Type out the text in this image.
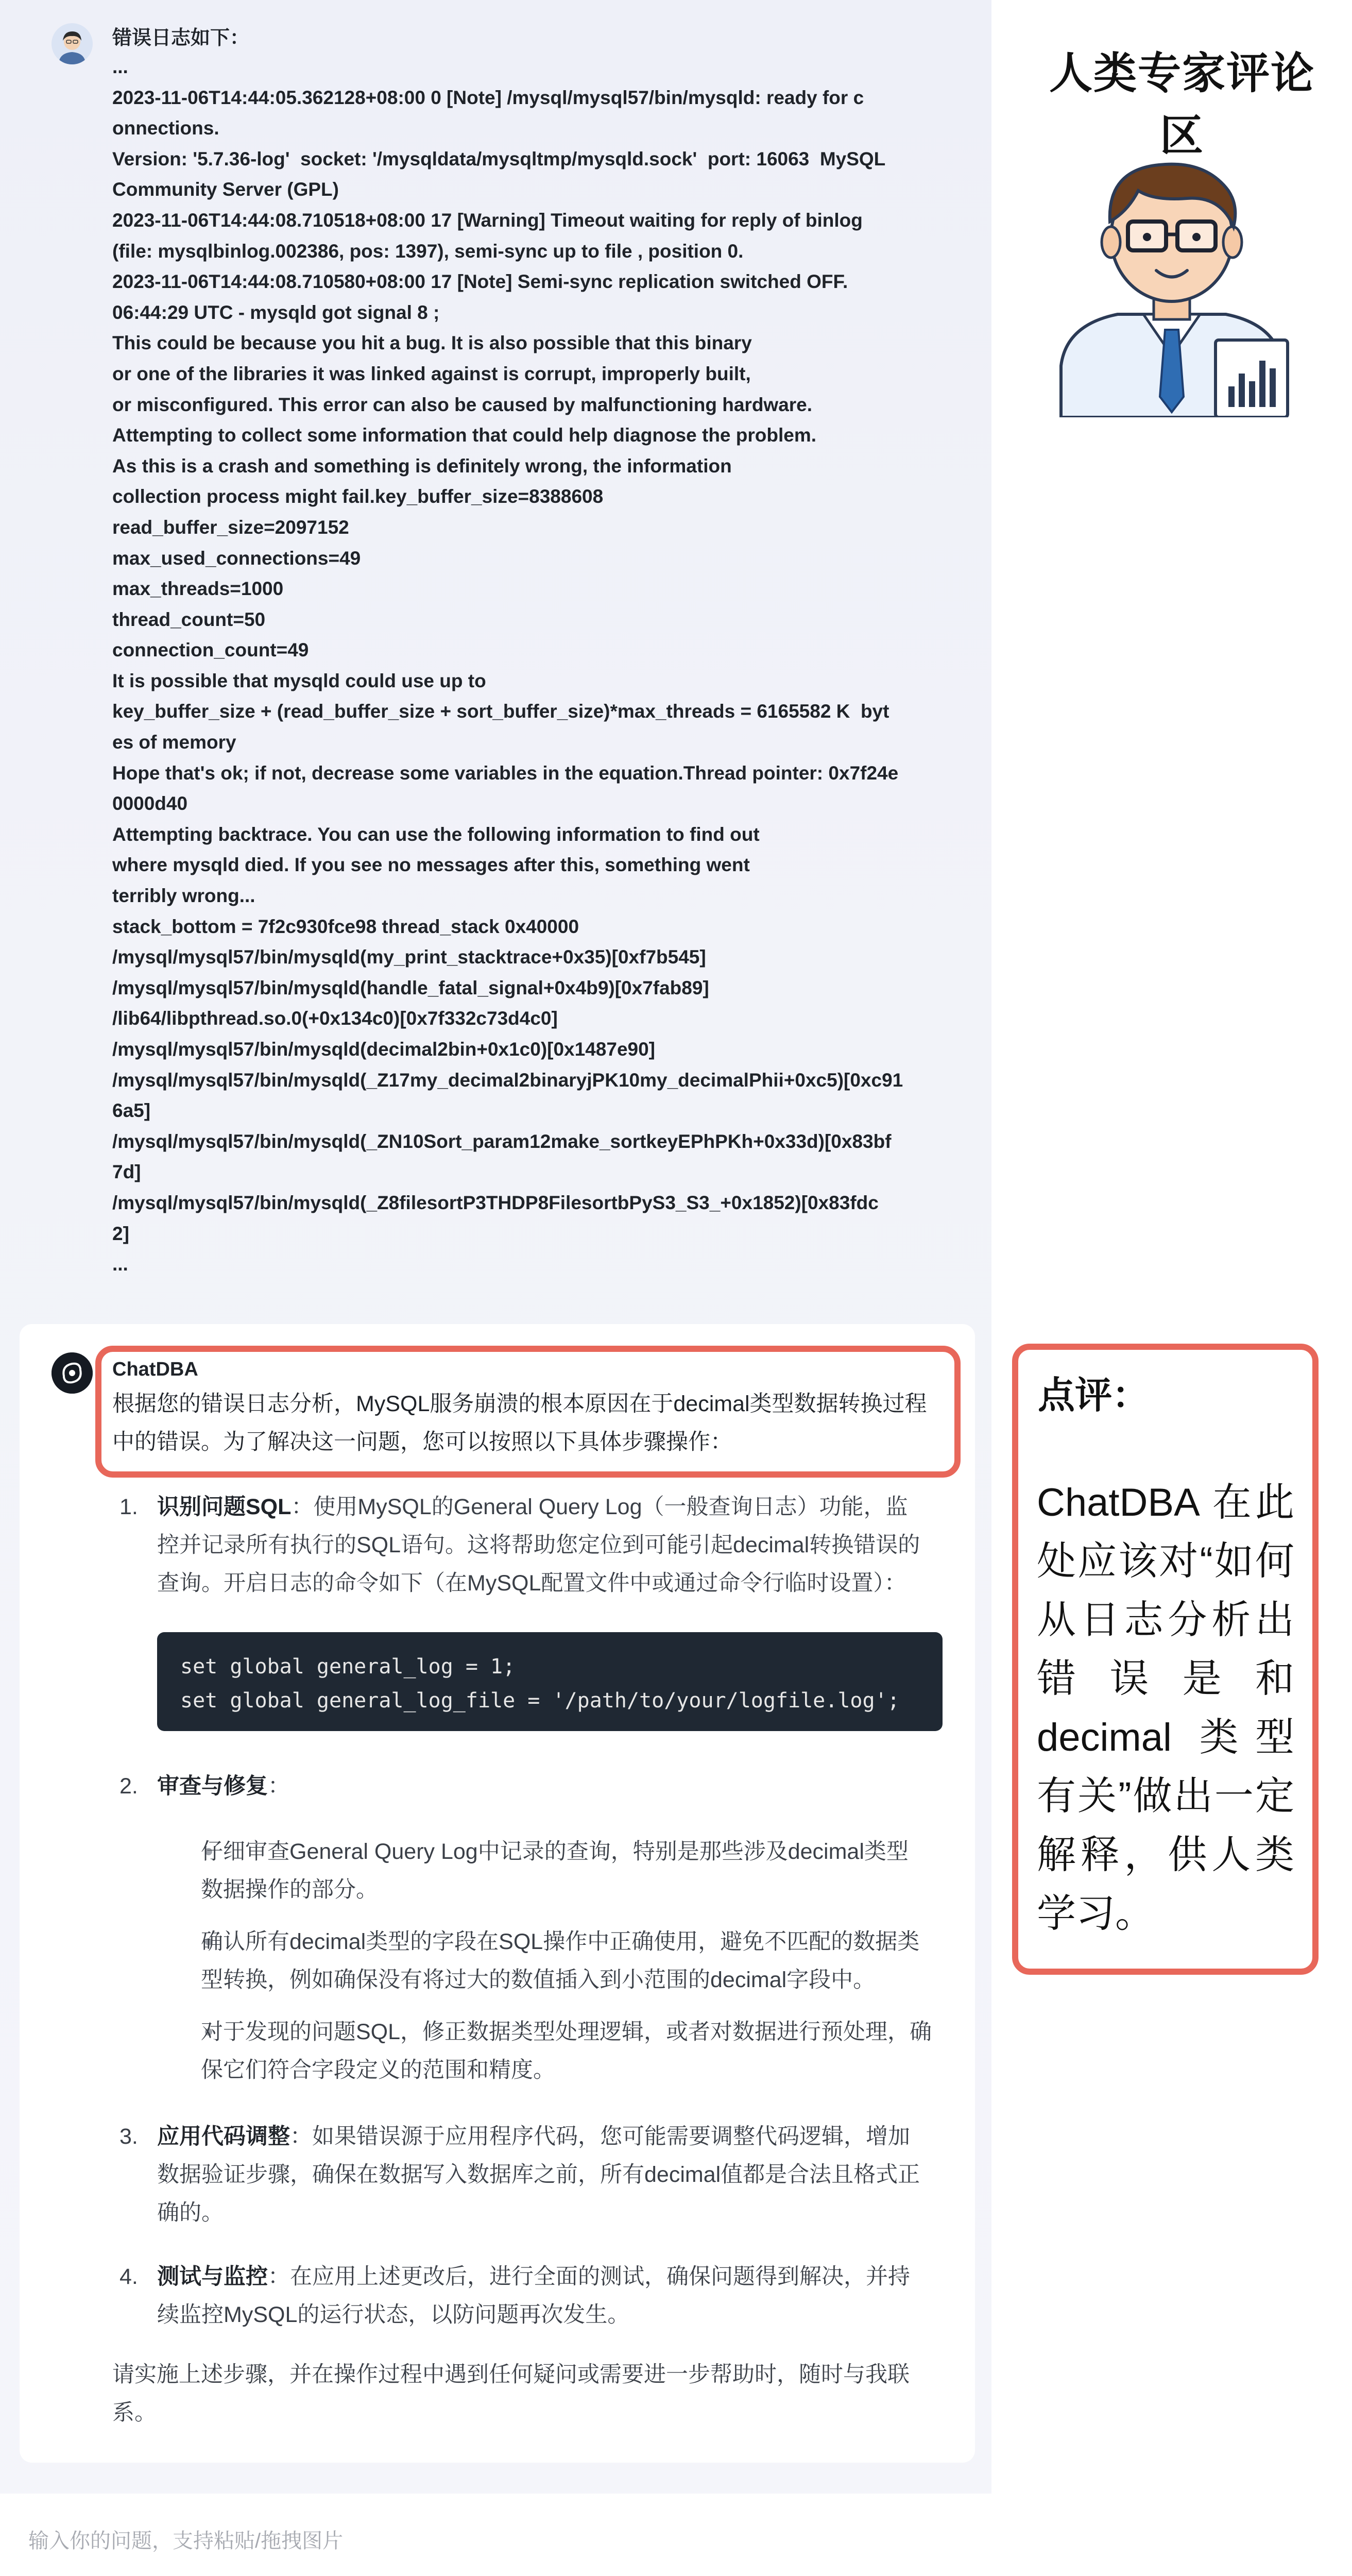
错误日志如下：
...
2023-11-06T14:44:05.362128+08:00 0 [Note] /mysql/mysql57/bin/mysqld: ready for c
onnections.
Version: '5.7.36-log'  socket: '/mysqldata/mysqltmp/mysqld.sock'  port: 16063  MySQL
Community Server (GPL)
2023-11-06T14:44:08.710518+08:00 17 [Warning] Timeout waiting for reply of binlog
(file: mysqlbinlog.002386, pos: 1397), semi-sync up to file , position 0.
2023-11-06T14:44:08.710580+08:00 17 [Note] Semi-sync replication switched OFF.
06:44:29 UTC - mysqld got signal 8 ;
This could be because you hit a bug. It is also possible that this binary
or one of the libraries it was linked against is corrupt, improperly built,
or misconfigured. This error can also be caused by malfunctioning hardware.
Attempting to collect some information that could help diagnose the problem.
As this is a crash and something is definitely wrong, the information
collection process might fail.key_buffer_size=8388608
read_buffer_size=2097152
max_used_connections=49
max_threads=1000
thread_count=50
connection_count=49
It is possible that mysqld could use up to
key_buffer_size + (read_buffer_size + sort_buffer_size)*max_threads = 6165582 K  byt
es of memory
Hope that's ok; if not, decrease some variables in the equation.Thread pointer: 0x7f24e
0000d40
Attempting backtrace. You can use the following information to find out
where mysqld died. If you see no messages after this, something went
terribly wrong...
stack_bottom = 7f2c930fce98 thread_stack 0x40000
/mysql/mysql57/bin/mysqld(my_print_stacktrace+0x35)[0xf7b545]
/mysql/mysql57/bin/mysqld(handle_fatal_signal+0x4b9)[0x7fab89]
/lib64/libpthread.so.0(+0x134c0)[0x7f332c73d4c0]
/mysql/mysql57/bin/mysqld(decimal2bin+0x1c0)[0x1487e90]
/mysql/mysql57/bin/mysqld(_Z17my_decimal2binaryjPK10my_decimalPhii+0xc5)[0xc91
6a5]
/mysql/mysql57/bin/mysqld(_ZN10Sort_param12make_sortkeyEPhPKh+0x33d)[0x83bf
7d]
/mysql/mysql57/bin/mysqld(_Z8filesortP3THDP8FilesortbPyS3_S3_+0x1852)[0x83fdc
2]
...
ChatDBA
根据您的错误日志分析，MySQL服务崩溃的根本原因在于decimal类型数据转换过程
中的错误。为了解决这一问题，您可以按照以下具体步骤操作：
1. 识别问题SQL：使用MySQL的General Query Log（一般查询日志）功能，监
控并记录所有执行的SQL语句。这将帮助您定位到可能引起decimal转换错误的
查询。开启日志的命令如下（在MySQL配置文件中或通过命令行临时设置）：
set global general_log = 1;
set global general_log_file = '/path/to/your/logfile.log';
2. 审查与修复：
仔细审查General Query Log中记录的查询，特别是那些涉及decimal类型
数据操作的部分。
确认所有decimal类型的字段在SQL操作中正确使用，避免不匹配的数据类
型转换，例如确保没有将过大的数值插入到小范围的decimal字段中。
对于发现的问题SQL，修正数据类型处理逻辑，或者对数据进行预处理，确
保它们符合字段定义的范围和精度。
3. 应用代码调整：如果错误源于应用程序代码，您可能需要调整代码逻辑，增加
数据验证步骤，确保在数据写入数据库之前，所有decimal值都是合法且格式正
确的。
4. 测试与监控：在应用上述更改后，进行全面的测试，确保问题得到解决，并持
续监控MySQL的运行状态，以防问题再次发生。
请实施上述步骤，并在操作过程中遇到任何疑问或需要进一步帮助时，随时与我联
系。
输入你的问题，支持粘贴/拖拽图片
人类专家评论区
点评：
ChatDBA 在此处应该对“如何从日志分析出错误是和 decimal 类型有关”做出一定解释，供人类学习。
